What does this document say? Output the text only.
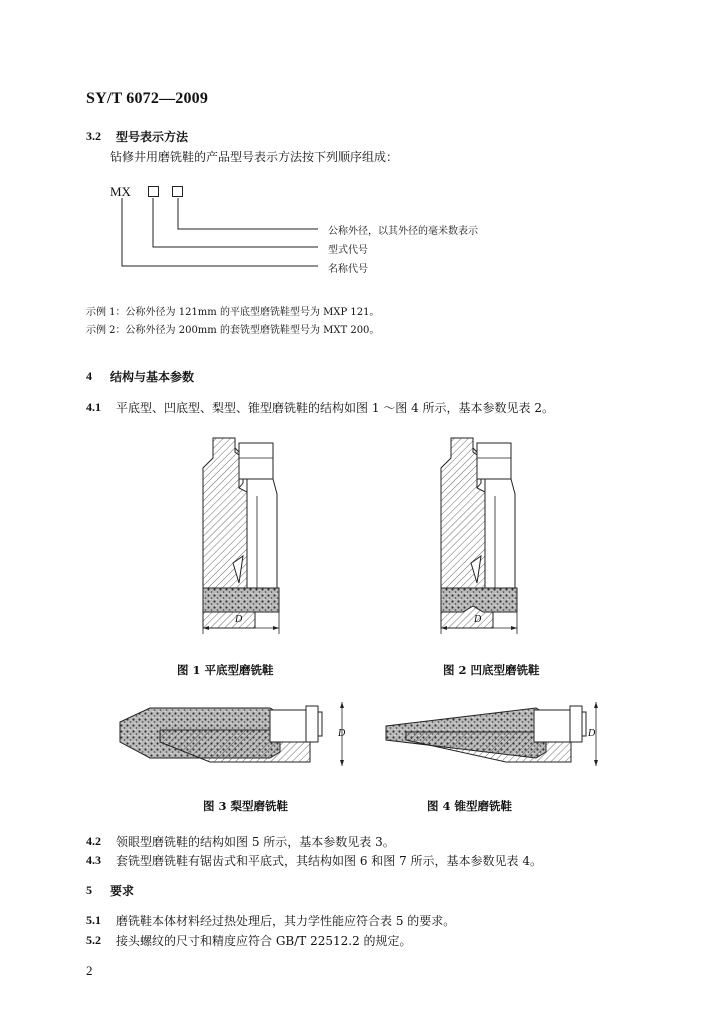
SY/T 6072—2009
3.2 型号表示方法
钻修井用磨铣鞋的产品型号表示方法按下列顺序组成：
MX
公称外径，以其外径的毫米数表示
型式代号
名称代号
示例 1：公称外径为 121mm 的平底型磨铣鞋型号为 MXP 121。
示例 2：公称外径为 200mm 的套铣型磨铣鞋型号为 MXT 200。
4 结构与基本参数
4.1 平底型、凹底型、梨型、锥型磨铣鞋的结构如图 1 ～图 4 所示，基本参数见表 2。
D	D
图 1 平底型磨铣鞋	图 2 凹底型磨铣鞋
D	D
图 3 梨型磨铣鞋	图 4 锥型磨铣鞋
4.2 领眼型磨铣鞋的结构如图 5 所示，基本参数见表 3。
4.3 套铣型磨铣鞋有锯齿式和平底式，其结构如图 6 和图 7 所示，基本参数见表 4。
5 要求
5.1 磨铣鞋本体材料经过热处理后，其力学性能应符合表 5 的要求。
5.2 接头螺纹的尺寸和精度应符合 GB/T 22512.2 的规定。
2
